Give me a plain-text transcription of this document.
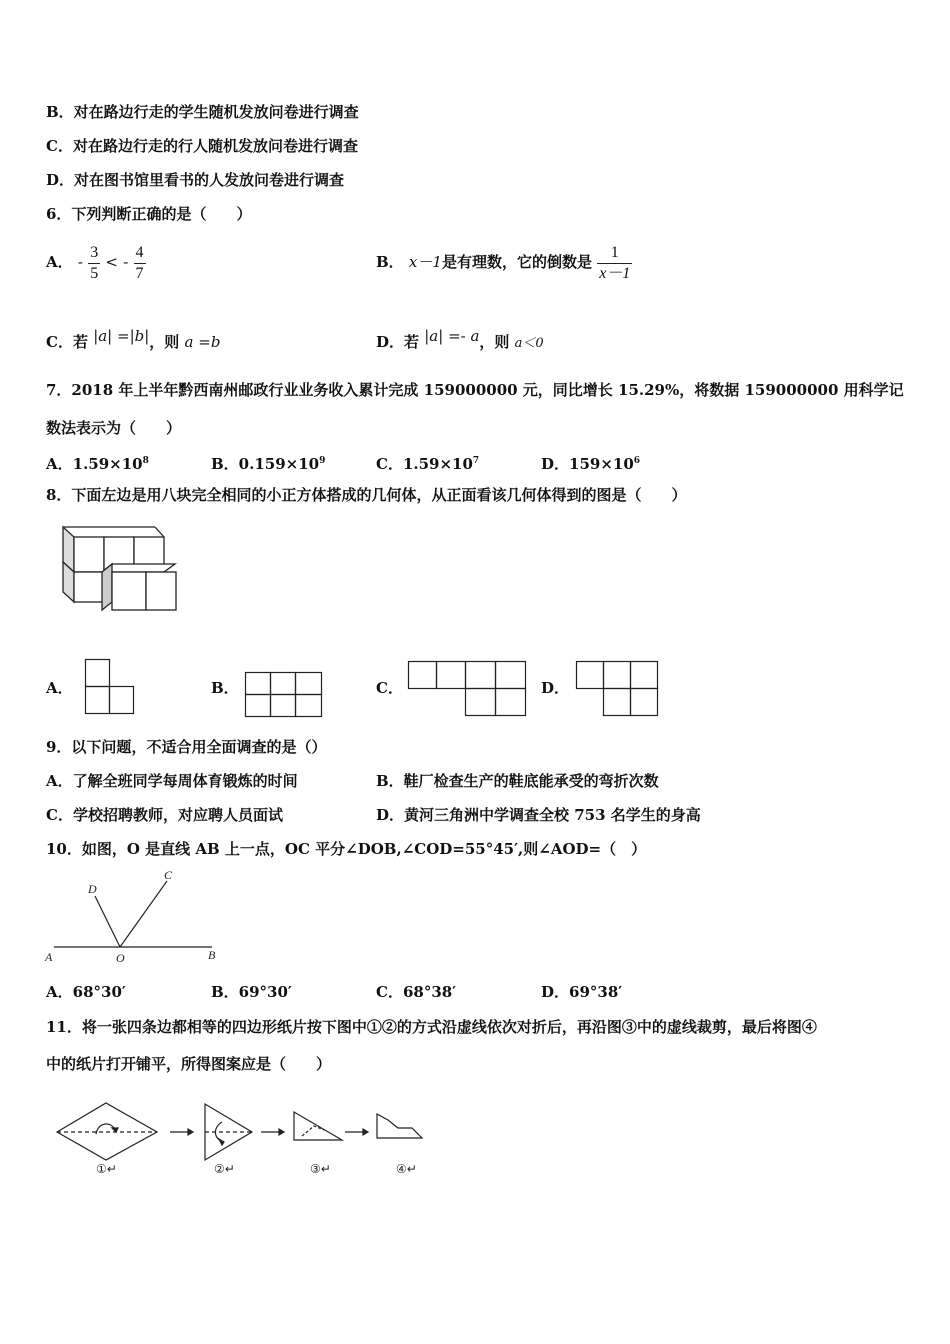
B．对在路边行走的学生随机发放问卷进行调查
C．对在路边行走的行人随机发放问卷进行调查
D．对在图书馆里看书的人发放问卷进行调查
6．下列判断正确的是（　　）
A． - $\frac{3}{5}$ < - $\frac{4}{7}$	B． x－1是有理数，它的倒数是 $\frac{1}{x-1}$
C．若 |a| =|b|，则 a =b	D．若 |a| =- a，则 a＜0
7．2018 年上半年黔西南州邮政行业业务收入累计完成 159000000 元，同比增长 15.29%，将数据 159000000 用科学记
数法表示为（　　）
A．$1.59\times 10^8$	B．$0.159\times 10^9$	C．$1.59\times 10^7$	D．$159\times 10^6$
8．下面左边是用八块完全相同的小正方体搭成的几何体，从正面看该几何体得到的图是（　　）
A．	B．	C．	D．
9．以下问题，不适合用全面调查的是（）
A．了解全班同学每周体育锻炼的时间	B．鞋厂检查生产的鞋底能承受的弯折次数
C．学校招聘教师，对应聘人员面试	D．黄河三角洲中学调查全校 753 名学生的身高
10．如图，O 是直线 AB 上一点，OC 平分∠DOB,∠COD=55°45′,则∠AOD=（　）
D
C
A	O	B
A．68°30′	B．69°30′	C．68°38′	D．69°38′
11．将一张四条边都相等的四边形纸片按下图中①②的方式沿虚线依次对折后，再沿图③中的虚线裁剪，最后将图④
中的纸片打开铺平，所得图案应是（　　）
①↵	②↵	③↵	④↵
